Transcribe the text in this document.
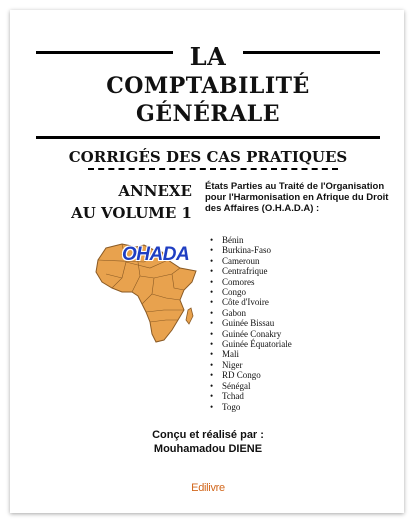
LA
COMPTABILITÉ
GÉNÉRALE
CORRIGÉS DES CAS PRATIQUES
ANNEXE
AU VOLUME 1
États Parties au Traité de l'Organisation pour l'Harmonisation en Afrique du Droit des Affaires (O.H.A.D.A) :
• Bénin
• Burkina-Faso
• Cameroun
• Centrafrique
• Comores
• Congo
• Côte d'Ivoire
• Gabon
• Guinée Bissau
• Guinée Conakry
• Guinée Équatoriale
• Mali
• Niger
• RD Congo
• Sénégal
• Tchad
• Togo
OHADA
Conçu et réalisé par :
Mouhamadou DIENE
Edilivre
